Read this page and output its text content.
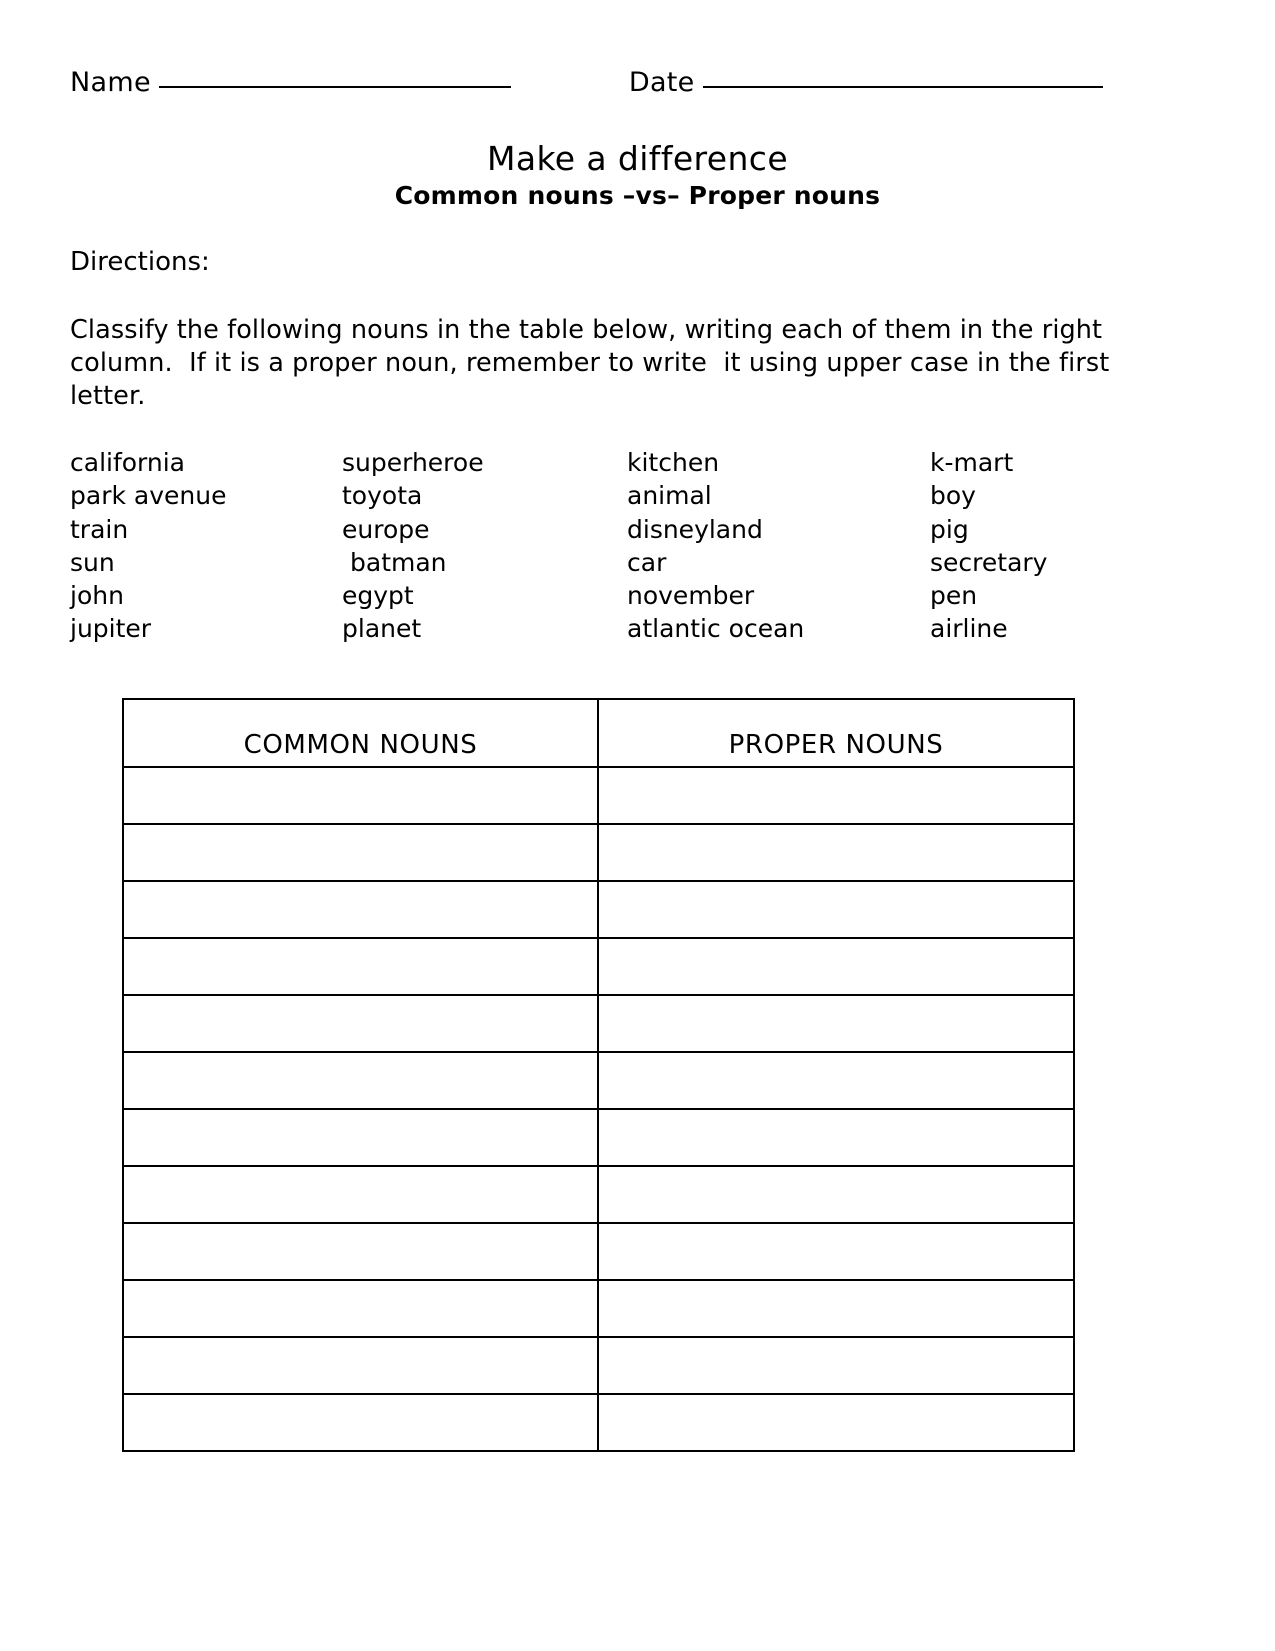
Name	Date
Make a difference
Common nouns –vs– Proper nouns
Directions:
Classify the following nouns in the table below, writing each of them in the right column.  If it is a proper noun, remember to write  it using upper case in the first letter.
california	superheroe	kitchen	k-mart
park avenue	toyota	animal	boy
train	europe	disneyland	pig
sun	batman	car	secretary
john	egypt	november	pen
jupiter	planet	atlantic ocean	airline
COMMON NOUNS	PROPER NOUNS
